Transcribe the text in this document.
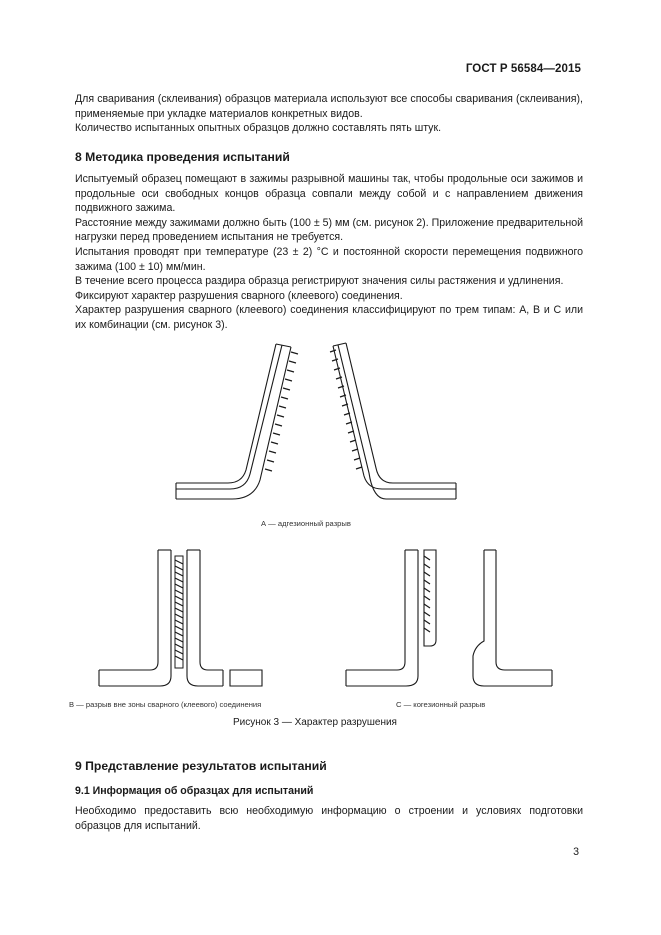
ГОСТ Р 56584—2015

Для сваривания (склеивания) образцов материала используют все способы сваривания (склеивания), применяемые при укладке материалов конкретных видов.

Количество испытанных опытных образцов должно составлять пять штук.

8 Методика проведения испытаний

Испытуемый образец помещают в зажимы разрывной машины так, чтобы продольные оси зажимов и продольные оси свободных концов образца совпали между собой и с направлением движения подвижного зажима.

Расстояние между зажимами должно быть (100 ± 5) мм (см. рисунок 2). Приложение предварительной нагрузки перед проведением испытания не требуется.

Испытания проводят при температуре (23 ± 2) °С и постоянной скорости перемещения подвижного зажима (100 ± 10) мм/мин.

В течение всего процесса раздира образца регистрируют значения силы растяжения и удлинения.

Фиксируют характер разрушения сварного (клеевого) соединения.

Характер разрушения сварного (клеевого) соединения классифицируют по трем типам: А, В и С или их комбинации (см. рисунок 3).

А — адгезионный разрыв
В — разрыв вне зоны сварного (клеевого) соединения	С — когезионный разрыв
Рисунок 3 — Характер разрушения
9 Представление результатов испытаний
9.1 Информация об образцах для испытаний

Необходимо предоставить всю необходимую информацию о строении и условиях подготовки образцов для испытаний.

3
